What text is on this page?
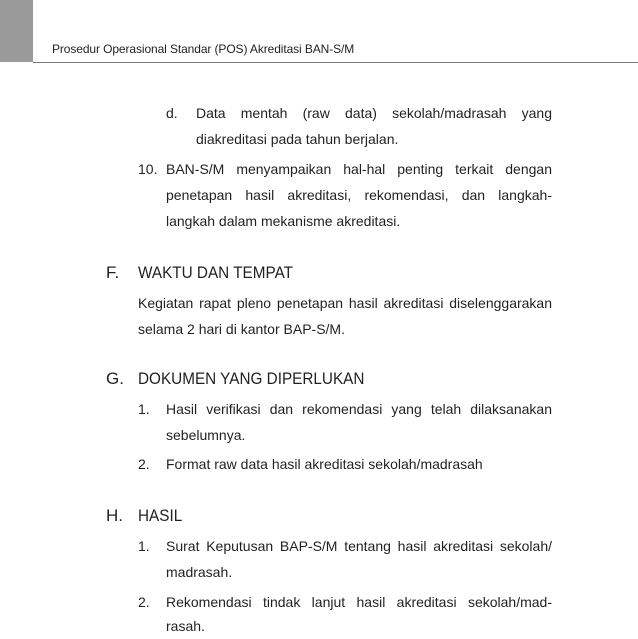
Prosedur Operasional Standar (POS) Akreditasi BAN-S/M
d. Data mentah (raw data) sekolah/madrasah yang
diakreditasi pada tahun berjalan.
10. BAN-S/M menyampaikan hal-hal penting terkait dengan
penetapan hasil akreditasi, rekomendasi, dan langkah-
langkah dalam mekanisme akreditasi.
F. WAKTU DAN TEMPAT
Kegiatan rapat pleno penetapan hasil akreditasi diselenggarakan
selama 2 hari di kantor BAP-S/M.
G. DOKUMEN YANG DIPERLUKAN
1. Hasil verifikasi dan rekomendasi yang telah dilaksanakan
sebelumnya.
2. Format raw data hasil akreditasi sekolah/madrasah
H. HASIL
1. Surat Keputusan BAP-S/M tentang hasil akreditasi sekolah/
madrasah.
2. Rekomendasi tindak lanjut hasil akreditasi sekolah/mad-
rasah.
